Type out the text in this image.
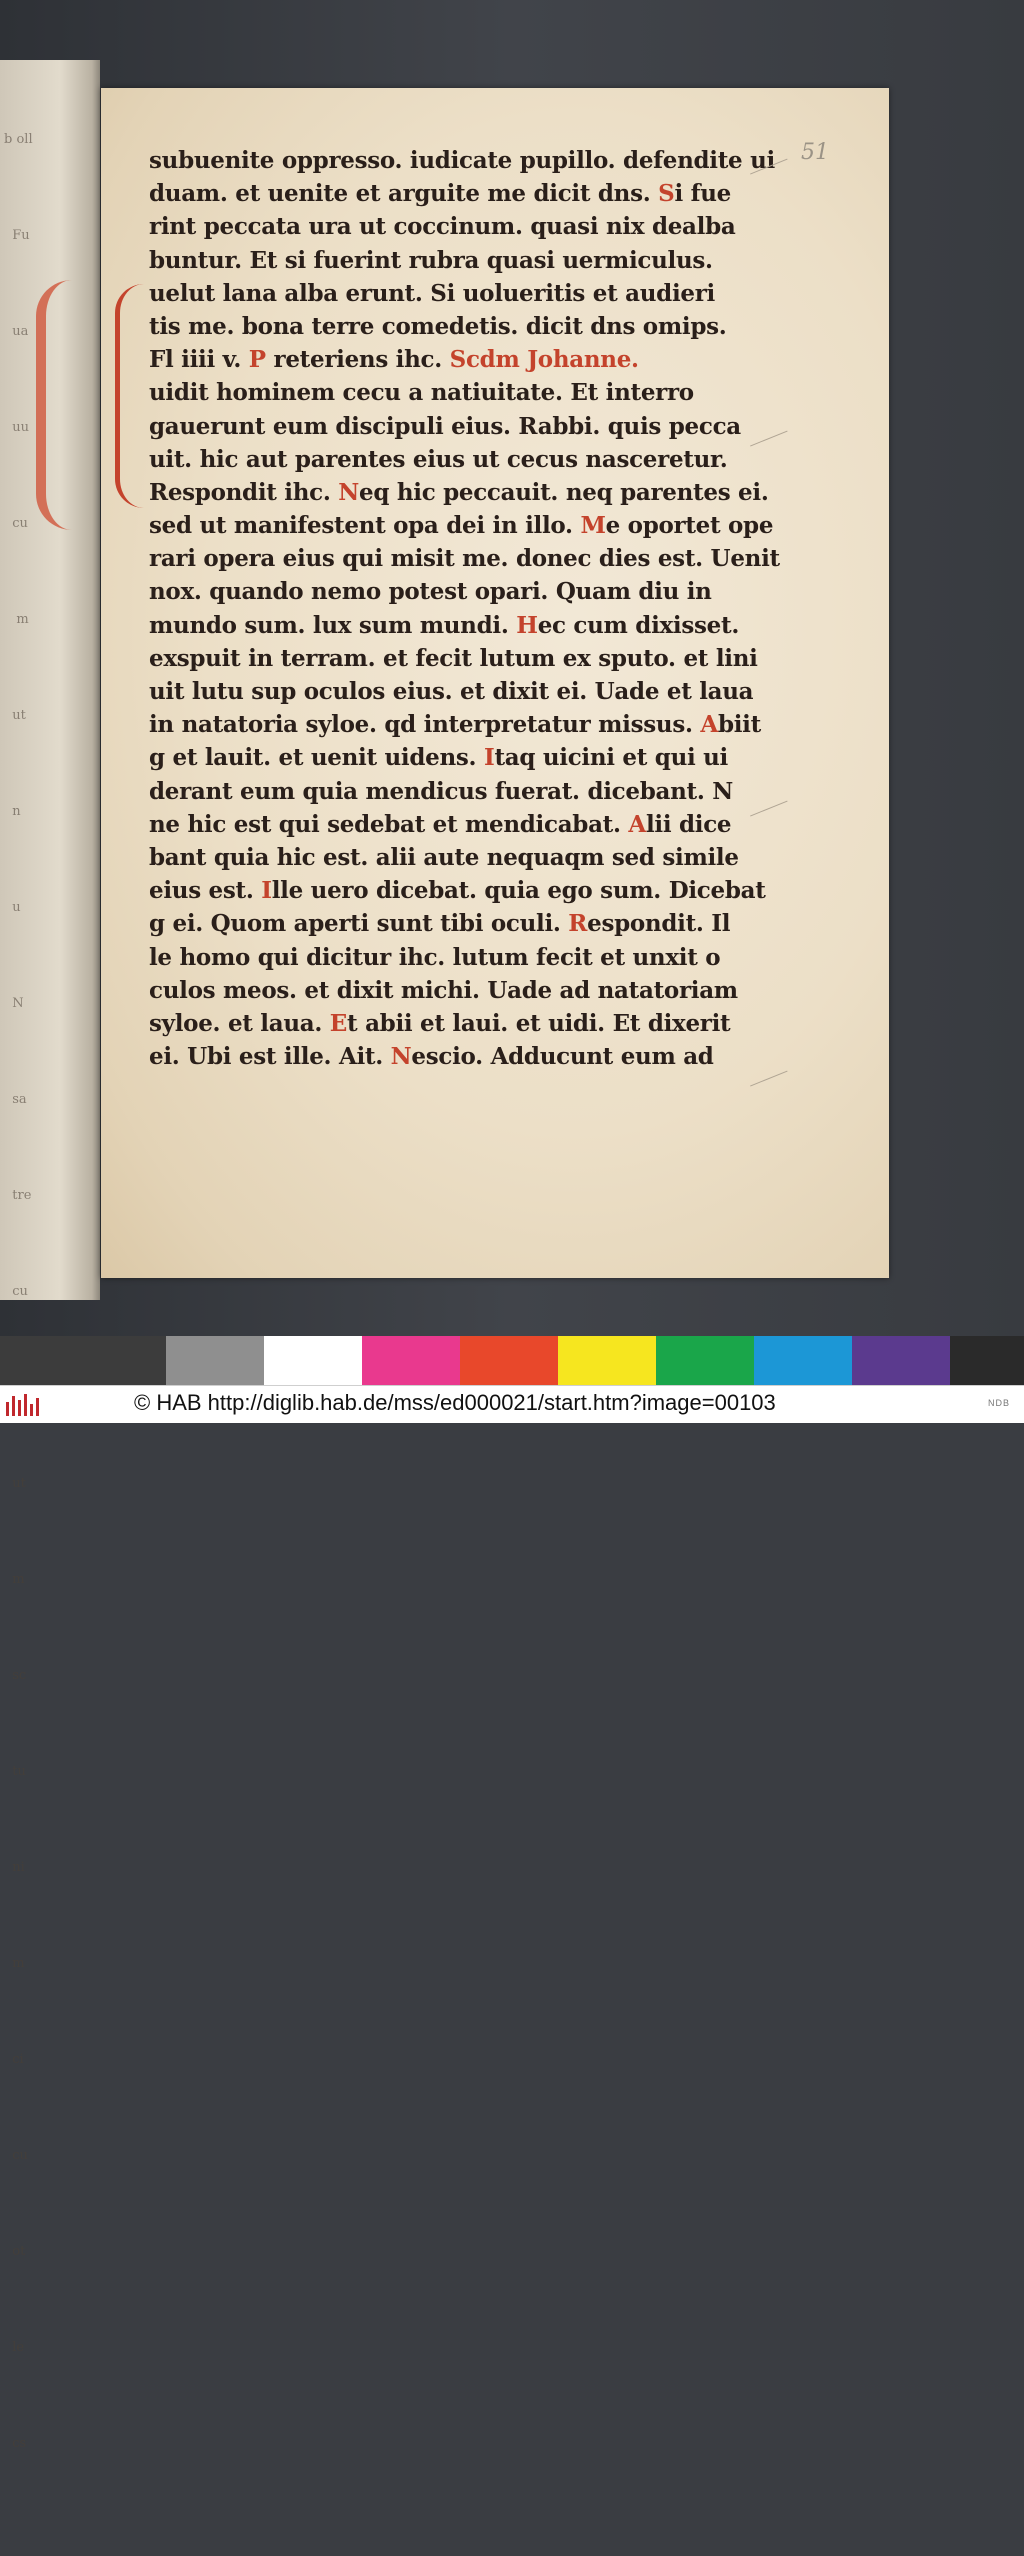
b oll

Fu

ua

uu

cu

m

ut

n

u

N

sa

tre

cu

ut

m

sc

tu

ni

m

ci

cu

ot

le

cs

51
subuenite oppresso. iudicate pupillo. defendite ui
duam. et uenite et arguite me dicit dns. Si fue
rint peccata ura ut coccinum. quasi nix dealba
buntur. Et si fuerint rubra quasi uermiculus.
uelut lana alba erunt. Si uolueritis et audieri
tis me. bona terre comedetis. dicit dns omips.
Fl iiii v. P reteriens ihc. Scdm Johanne.
uidit hominem cecu a natiuitate. Et interro
gauerunt eum discipuli eius. Rabbi. quis pecca
uit. hic aut parentes eius ut cecus nasceretur.
Respondit ihc. Neq hic peccauit. neq parentes ei.
sed ut manifestent opa dei in illo. Me oportet ope
rari opera eius qui misit me. donec dies est. Uenit
nox. quando nemo potest opari. Quam diu in
mundo sum. lux sum mundi. Hec cum dixisset.
exspuit in terram. et fecit lutum ex sputo. et lini
uit lutu sup oculos eius. et dixit ei. Uade et laua
in natatoria syloe. qd interpretatur missus. Abiit
g et lauit. et uenit uidens. Itaq uicini et qui ui
derant eum quia mendicus fuerat. dicebant. N
ne hic est qui sedebat et mendicabat. Alii dice
bant quia hic est. alii aute nequaqm sed simile
eius est. Ille uero dicebat. quia ego sum. Dicebat
g ei. Quom aperti sunt tibi oculi. Respondit. Il
le homo qui dicitur ihc. lutum fecit et unxit o
culos meos. et dixit michi. Uade ad natatoriam
syloe. et laua. Et abii et laui. et uidi. Et dixerit
ei. Ubi est ille. Ait. Nescio. Adducunt eum ad
© HAB http://diglib.hab.de/mss/ed000021/start.htm?image=00103	NDB
